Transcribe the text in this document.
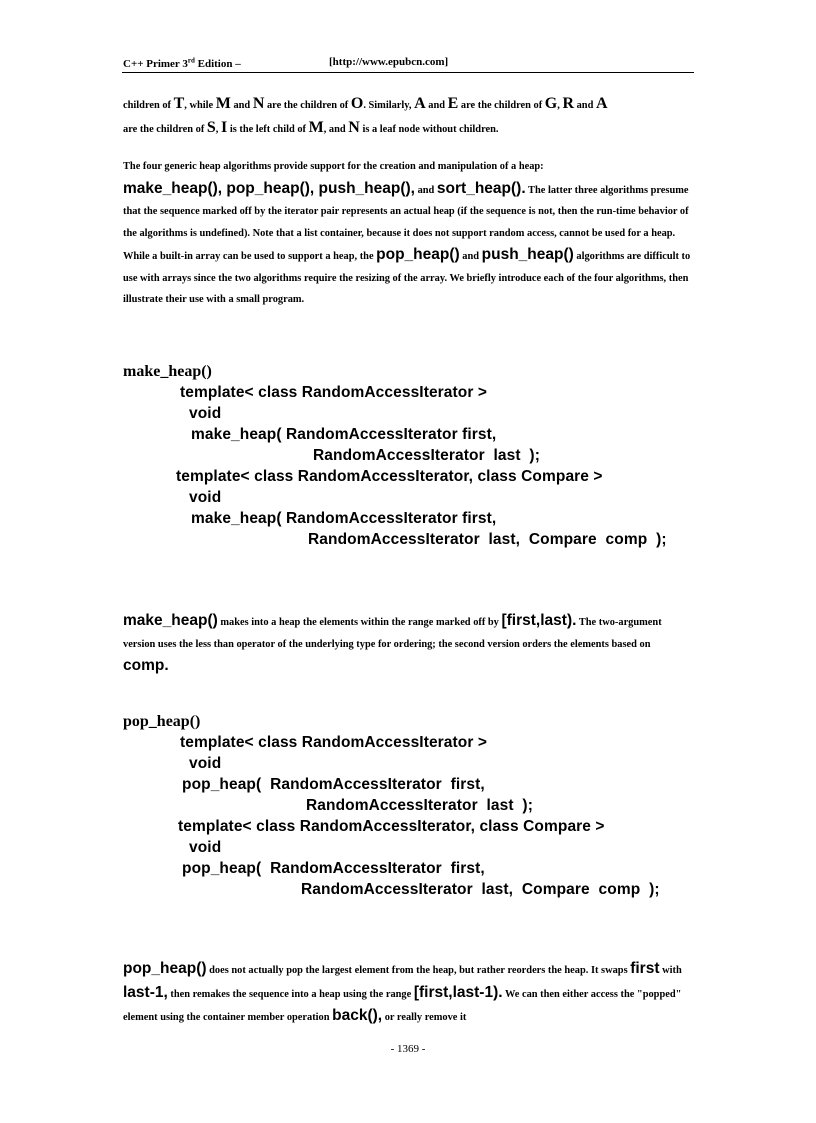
C++ Primer 3rd Edition –	[http://www.epubcn.com]
children of T, while M and N are the children of O. Similarly, A and E are the children of G, R and A
are the children of S, I is the left child of M, and N is a leaf node without children.
The four generic heap algorithms provide support for the creation and manipulation of a heap:
make_heap(), pop_heap(), push_heap(), and sort_heap(). The latter three algorithms presume that the sequence marked off by the iterator pair represents an actual heap (if the sequence is not, then the run-time behavior of the algorithms is undefined). Note that a list container, because it does not support random access, cannot be used for a heap. While a built-in array can be used to support a heap, the pop_heap() and push_heap() algorithms are difficult to use with arrays since the two algorithms require the resizing of the array. We briefly introduce each of the four algorithms, then illustrate their use with a small program.
make_heap()
template< class RandomAccessIterator >
void
make_heap( RandomAccessIterator first,
RandomAccessIterator  last  );
template< class RandomAccessIterator, class Compare >
void
make_heap( RandomAccessIterator first,
RandomAccessIterator  last,  Compare  comp  );
make_heap() makes into a heap the elements within the range marked off by [first,last). The two-argument version uses the less than operator of the underlying type for ordering; the second version orders the elements based on comp.
pop_heap()
template< class RandomAccessIterator >
void
pop_heap(  RandomAccessIterator  first,
RandomAccessIterator  last  );
template< class RandomAccessIterator, class Compare >
void
pop_heap(  RandomAccessIterator  first,
RandomAccessIterator  last,  Compare  comp  );
pop_heap() does not actually pop the largest element from the heap, but rather reorders the heap. It swaps first with last-1, then remakes the sequence into a heap using the range [first,last-1). We can then either access the "popped" element using the container member operation back(), or really remove it
- 1369 -
